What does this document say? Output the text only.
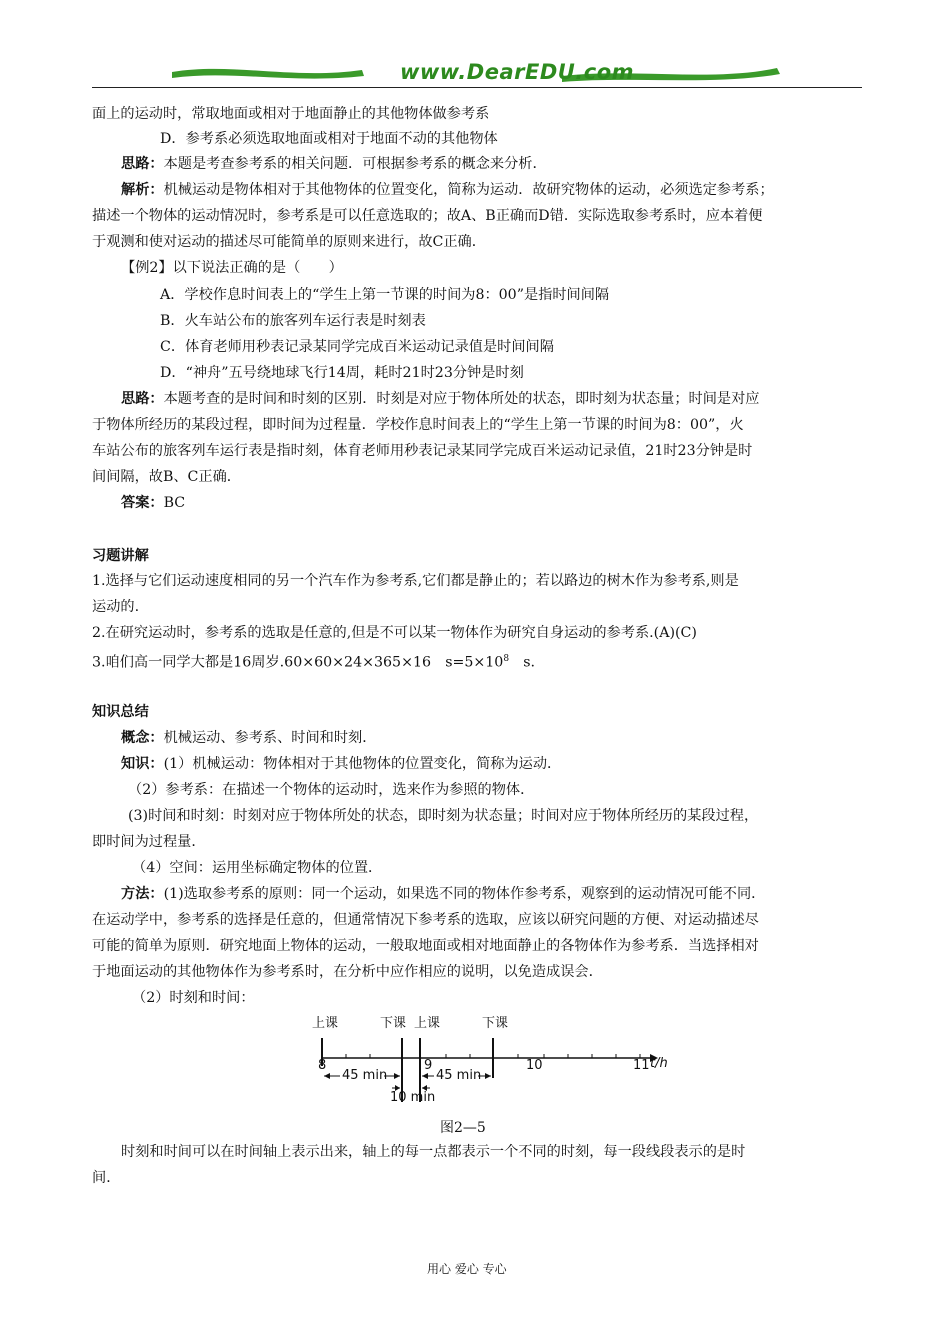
www.DearEDU.com
面上的运动时，常取地面或相对于地面静止的其他物体做参考系
D．参考系必须选取地面或相对于地面不动的其他物体
思路：本题是考查参考系的相关问题．可根据参考系的概念来分析．
解析：机械运动是物体相对于其他物体的位置变化，简称为运动．故研究物体的运动，必须选定参考系；
描述一个物体的运动情况时，参考系是可以任意选取的；故A、B正确而D错．实际选取参考系时，应本着便
于观测和使对运动的描述尽可能简单的原则来进行，故C正确．
【例2】以下说法正确的是（　　）
A．学校作息时间表上的“学生上第一节课的时间为8：00”是指时间间隔
B．火车站公布的旅客列车运行表是时刻表
C．体育老师用秒表记录某同学完成百米运动记录值是时间间隔
D．“神舟”五号绕地球飞行14周，耗时21时23分钟是时刻
思路：本题考查的是时间和时刻的区别．时刻是对应于物体所处的状态，即时刻为状态量；时间是对应
于物体所经历的某段过程，即时间为过程量．学校作息时间表上的“学生上第一节课的时间为8：00”，火
车站公布的旅客列车运行表是指时刻，体育老师用秒表记录某同学完成百米运动记录值，21时23分钟是时
间间隔，故B、C正确．
答案：BC
习题讲解
1.选择与它们运动速度相同的另一个汽车作为参考系,它们都是静止的；若以路边的树木作为参考系,则是
运动的.
2.在研究运动时，参考系的选取是任意的,但是不可以某一物体作为研究自身运动的参考系.(A)(C)
3.咱们高一同学大都是16周岁.60×60×24×365×16　$s=5\times 10^8$　s.
知识总结
概念：机械运动、参考系、时间和时刻．
知识：(1）机械运动：物体相对于其他物体的位置变化，简称为运动．
（2）参考系：在描述一个物体的运动时，选来作为参照的物体．
(3)时间和时刻：时刻对应于物体所处的状态，即时刻为状态量；时间对应于物体所经历的某段过程，
即时间为过程量．
（4）空间：运用坐标确定物体的位置．
方法：(1)选取参考系的原则：同一个运动，如果选不同的物体作参考系，观察到的运动情况可能不同．
在运动学中，参考系的选择是任意的，但通常情况下参考系的选取，应该以研究问题的方便、对运动描述尽
可能的简单为原则．研究地面上物体的运动，一般取地面或相对地面静止的各物体作为参考系．当选择相对
于地面运动的其他物体作为参考系时，在分析中应作相应的说明，以免造成误会．
（2）时刻和时间：
上课	下课 上课	下课
8	9	10	11 t/h
45 min
10 min
45 min
图2—5
时刻和时间可以在时间轴上表示出来，轴上的每一点都表示一个不同的时刻，每一段线段表示的是时
间．
用心 爱心 专心
